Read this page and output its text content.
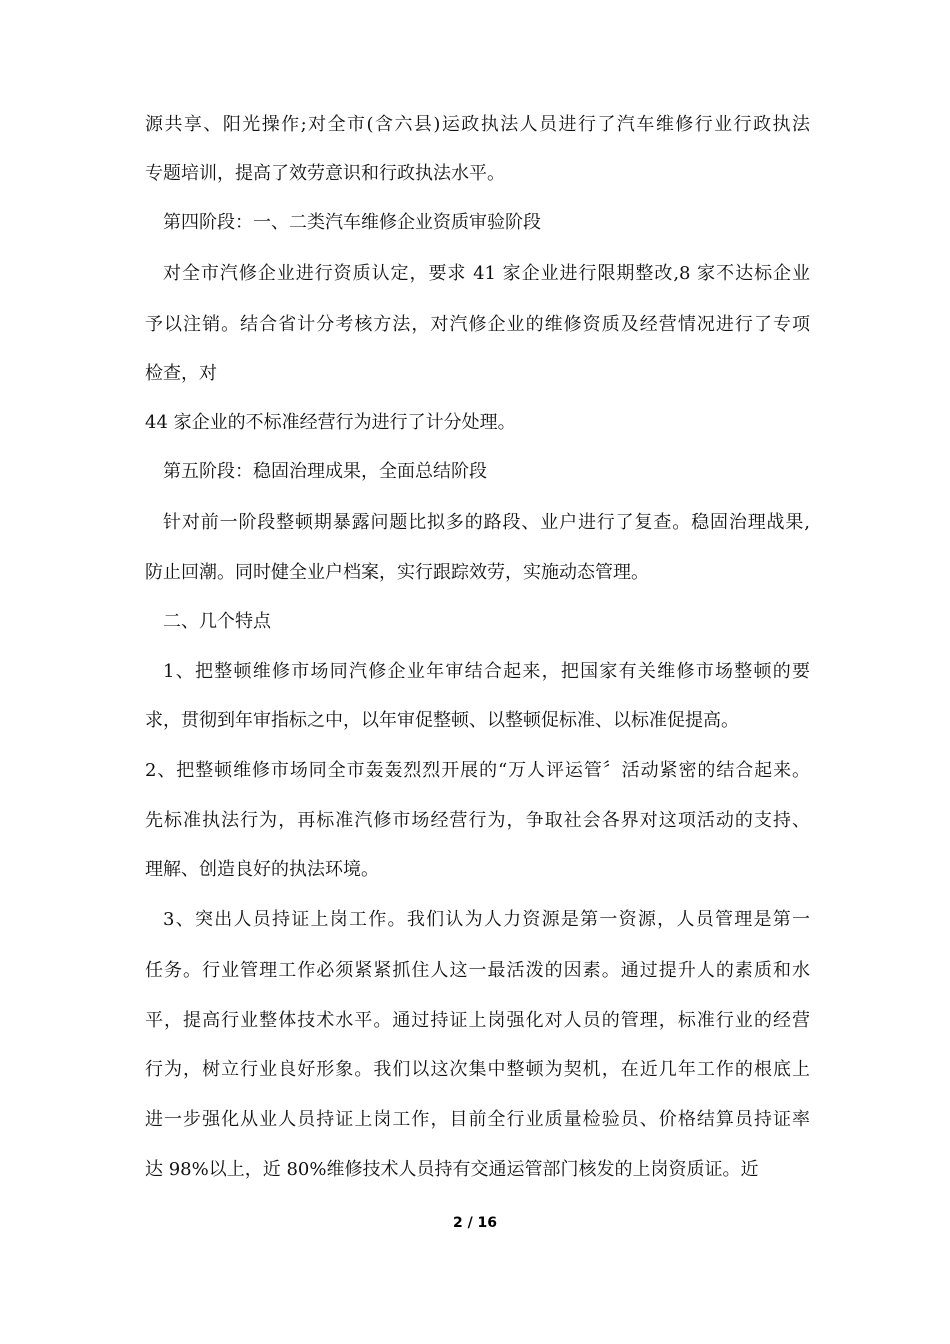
源共享、阳光操作;对全市(含六县)运政执法人员进行了汽车维修行业行政执法
专题培训，提高了效劳意识和行政执法水平。
第四阶段：一、二类汽车维修企业资质审验阶段
对全市汽修企业进行资质认定，要求 41 家企业进行限期整改,8 家不达标企业
予以注销。结合省计分考核方法，对汽修企业的维修资质及经营情况进行了专项
检查，对
44 家企业的不标准经营行为进行了计分处理。
第五阶段：稳固治理成果，全面总结阶段
针对前一阶段整顿期暴露问题比拟多的路段、业户进行了复查。稳固治理战果,
防止回潮。同时健全业户档案，实行跟踪效劳，实施动态管理。
二、几个特点
1、把整顿维修市场同汽修企业年审结合起来，把国家有关维修市场整顿的要
求，贯彻到年审指标之中，以年审促整顿、以整顿促标准、以标准促提高。
2、把整顿维修市场同全市轰轰烈烈开展的“万人评运管〞活动紧密的结合起来。
先标准执法行为，再标准汽修市场经营行为，争取社会各界对这项活动的支持、
理解、创造良好的执法环境。
3、突出人员持证上岗工作。我们认为人力资源是第一资源，人员管理是第一
任务。行业管理工作必须紧紧抓住人这一最活泼的因素。通过提升人的素质和水
平，提高行业整体技术水平。通过持证上岗强化对人员的管理，标准行业的经营
行为，树立行业良好形象。我们以这次集中整顿为契机，在近几年工作的根底上
进一步强化从业人员持证上岗工作，目前全行业质量检验员、价格结算员持证率
达 98%以上，近 80%维修技术人员持有交通运管部门核发的上岗资质证。近
2 / 16
